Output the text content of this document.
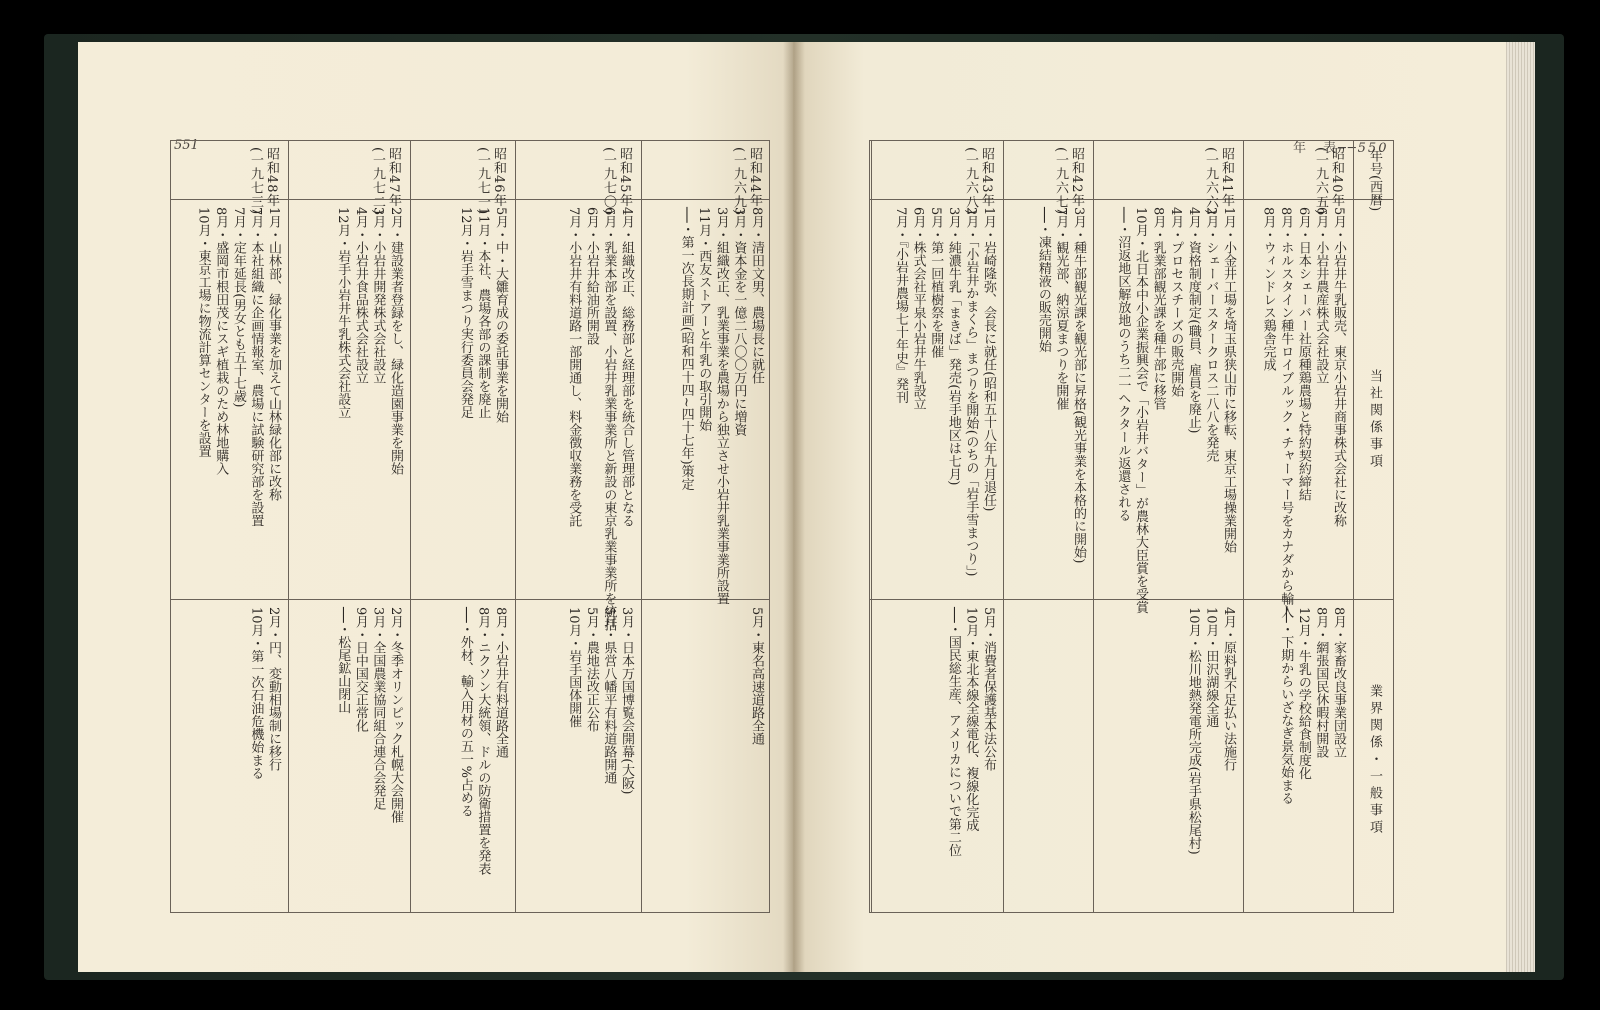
551
昭和44年
(一九六九)
8月・清田文男、農場長に就任
3月・資本金を一億二八〇〇万円に増資
3月・組織改正、乳業事業を農場から独立させ小岩井乳業事業所設置
11月・西友ストアーと牛乳の取引開始
──・第一次長期計画(昭和四十四~四十七年)策定
5月・東名高速道路全通
昭和45年
(一九七〇)
4月・組織改正、総務部と経理部を統合し管理部となる
6月・乳業本部を設置、小岩井乳業事業所と新設の東京乳業事業所を統括
6月・小岩井給油所開設
7月・小岩井有料道路一部開通し、料金徴収業務を受託
3月・日本万国博覧会開幕(大阪)
5月・県営八幡平有料道路開通
5月・農地法改正公布
10月・岩手国体開催
昭和46年
(一九七一)
5月・中・大雛育成の委託事業を開始
11月・本社、農場各部の課制を廃止
12月・岩手雪まつり実行委員会発足
8月・小岩井有料道路全通
8月・ニクソン大統領、ドルの防衛措置を発表
──・外材、輸入用材の五一%占める
昭和47年
(一九七二)
2月・建設業者登録をし、緑化造園事業を開始
3月・小岩井開発株式会社設立
4月・小岩井食品株式会社設立
12月・岩手小岩井牛乳株式会社設立
2月・冬季オリンピック札幌大会開催
3月・全国農業協同組合連合会発足
9月・日中国交正常化
──・松尾鉱山閉山
昭和48年
(一九七三)
1月・山林部、緑化事業を加えて山林緑化部に改称
7月・本社組織に企画情報室、農場に試験研究部を設置
7月・定年延長(男女とも五十七歳)
8月・盛岡市根田茂にスギ植栽のため林地購入
10月・東京工場に物流計算センターを設置
2月・円、変動相場制に移行
10月・第一次石油危機始まる
年　表──550
年号(西暦)
当社関係事項
業界関係・一般事項
昭和40年
(一九六五)
5月・小岩井牛乳販売、東京小岩井商事株式会社に改称
6月・小岩井農産株式会社設立
6月・日本シェーバー社原種鶏農場と特約契約締結
8月・ホルスタイン種牛ロイブルック・チャーマー号をカナダから輸入
8月・ウィンドレス鶏舎完成
8月・家畜改良事業団設立
8月・網張国民休暇村開設
12月・牛乳の学校給食制度化
──・下期からいざなぎ景気始まる
昭和41年
(一九六六)
1月・小金井工場を埼玉県狭山市に移転、東京工場操業開始
2月・シェーバースタークロス二八八を発売
4月・資格制度制定(職員、雇員を廃止)
4月・プロセスチーズの販売開始
8月・乳業部観光課を種牛部に移管
10月・北日本中小企業振興会で「小岩井バター」が農林大臣賞を受賞
──・沼返地区解放地のうち二一ヘクタール返還される
4月・原料乳不足払い法施行
10月・田沢湖線全通
10月・松川地熱発電所完成(岩手県松尾村)
昭和42年
(一九六七)
3月・種牛部観光課を観光部に昇格(観光事業を本格的に開始)
7月・観光部、納涼夏まつりを開催
──・凍結精液の販売開始
昭和43年
(一九六八)
1月・岩崎隆弥、会長に就任(昭和五十八年九月退任)
2月・「小岩井かまくら」まつりを開始(のちの「岩手雪まつり」)
3月・純濃牛乳「まきば」発売(岩手地区は七月)
5月・第一回植樹祭を開催
6月・株式会社平泉小岩井牛乳設立
7月・『小岩井農場七十年史』発刊
5月・消費者保護基本法公布
10月・東北本線全線電化、複線化完成
──・国民総生産、アメリカについで第二位
